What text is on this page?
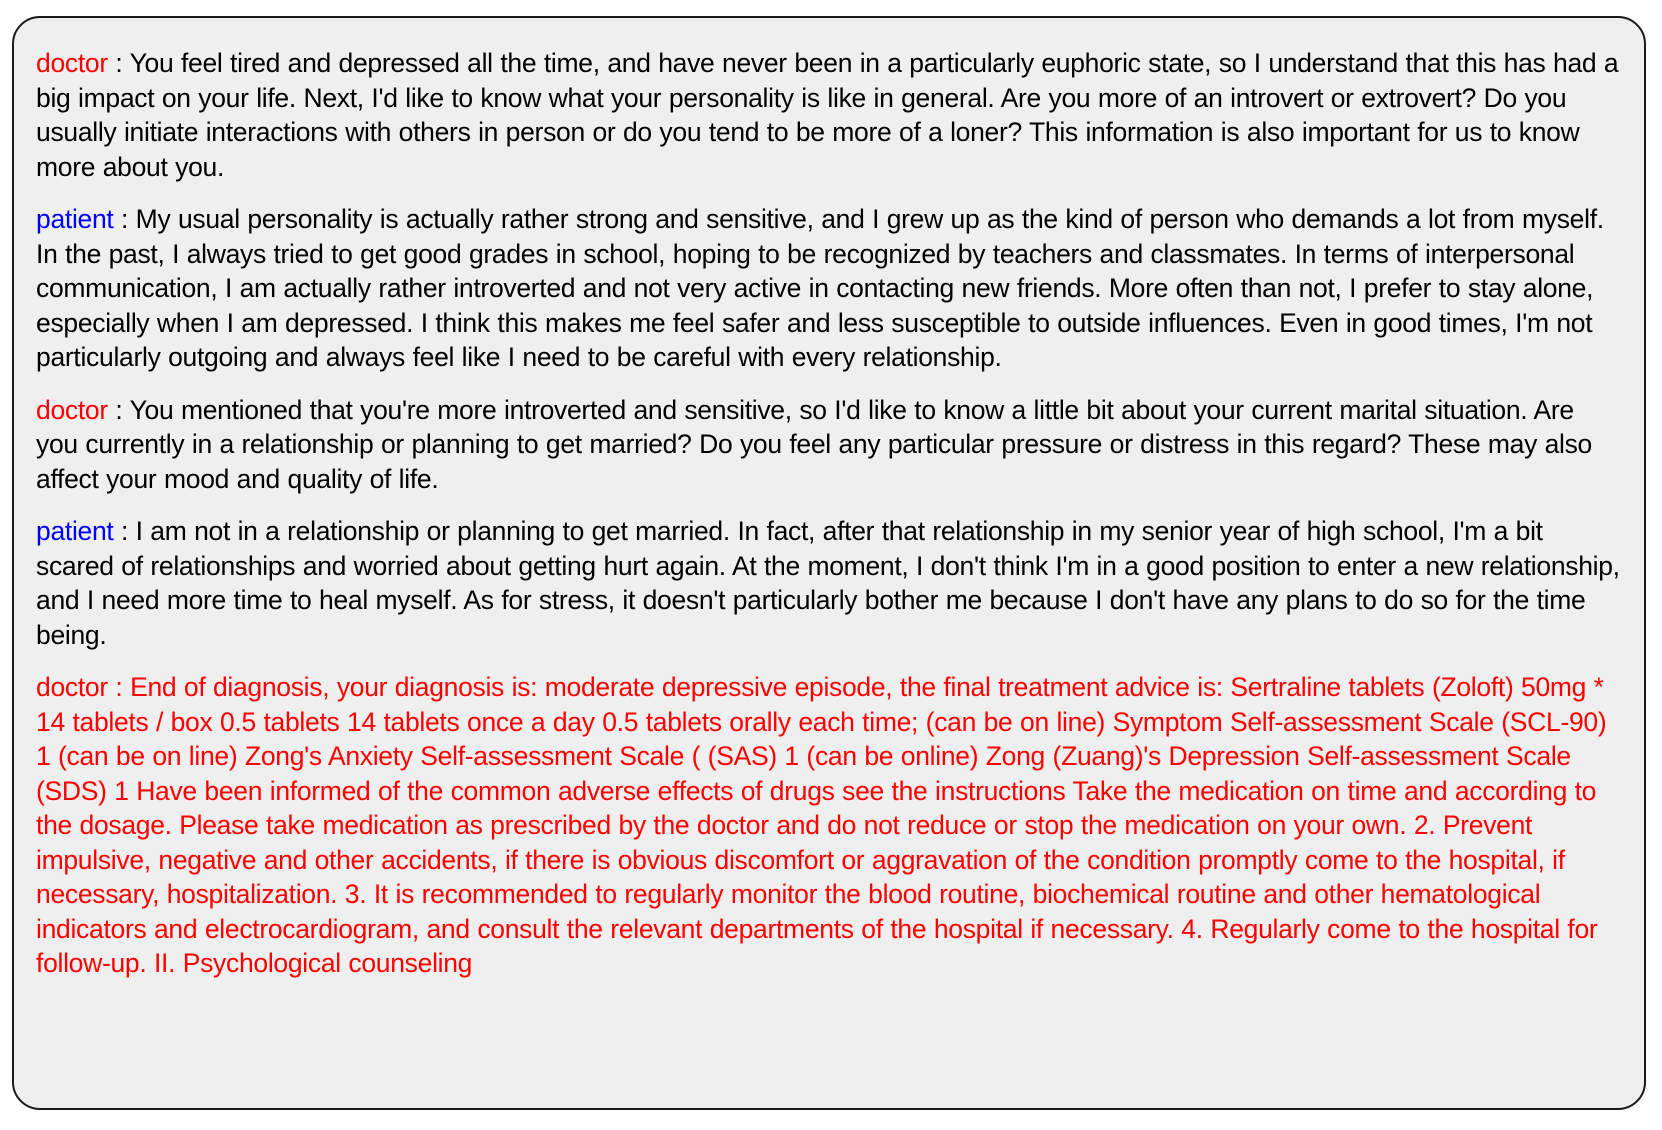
doctor : You feel tired and depressed all the time, and have never been in a particularly euphoric state, so I understand that this has had a big impact on your life. Next, I'd like to know what your personality is like in general. Are you more of an introvert or extrovert? Do you usually initiate interactions with others in person or do you tend to be more of a loner? This information is also important for us to know more about you.

patient : My usual personality is actually rather strong and sensitive, and I grew up as the kind of person who demands a lot from myself. In the past, I always tried to get good grades in school, hoping to be recognized by teachers and classmates. In terms of interpersonal communication, I am actually rather introverted and not very active in contacting new friends. More often than not, I prefer to stay alone, especially when I am depressed. I think this makes me feel safer and less susceptible to outside influences. Even in good times, I'm not particularly outgoing and always feel like I need to be careful with every relationship.

doctor : You mentioned that you're more introverted and sensitive, so I'd like to know a little bit about your current marital situation. Are you currently in a relationship or planning to get married? Do you feel any particular pressure or distress in this regard? These may also affect your mood and quality of life.

patient : I am not in a relationship or planning to get married. In fact, after that relationship in my senior year of high school, I'm a bit scared of relationships and worried about getting hurt again. At the moment, I don't think I'm in a good position to enter a new relationship, and I need more time to heal myself. As for stress, it doesn't particularly bother me because I don't have any plans to do so for the time being.

doctor : End of diagnosis, your diagnosis is: moderate depressive episode, the final treatment advice is: Sertraline tablets (Zoloft) 50mg * 14 tablets / box 0.5 tablets 14 tablets once a day 0.5 tablets orally each time; (can be on line) Symptom Self-assessment Scale (SCL-90) 1 (can be on line) Zong's Anxiety Self-assessment Scale ( (SAS) 1 (can be online) Zong (Zuang)'s Depression Self-assessment Scale (SDS) 1 Have been informed of the common adverse effects of drugs see the instructions Take the medication on time and according to the dosage. Please take medication as prescribed by the doctor and do not reduce or stop the medication on your own. 2. Prevent impulsive, negative and other accidents, if there is obvious discomfort or aggravation of the condition promptly come to the hospital, if necessary, hospitalization. 3. It is recommended to regularly monitor the blood routine, biochemical routine and other hematological indicators and electrocardiogram, and consult the relevant departments of the hospital if necessary. 4. Regularly come to the hospital for follow-up. II. Psychological counseling
